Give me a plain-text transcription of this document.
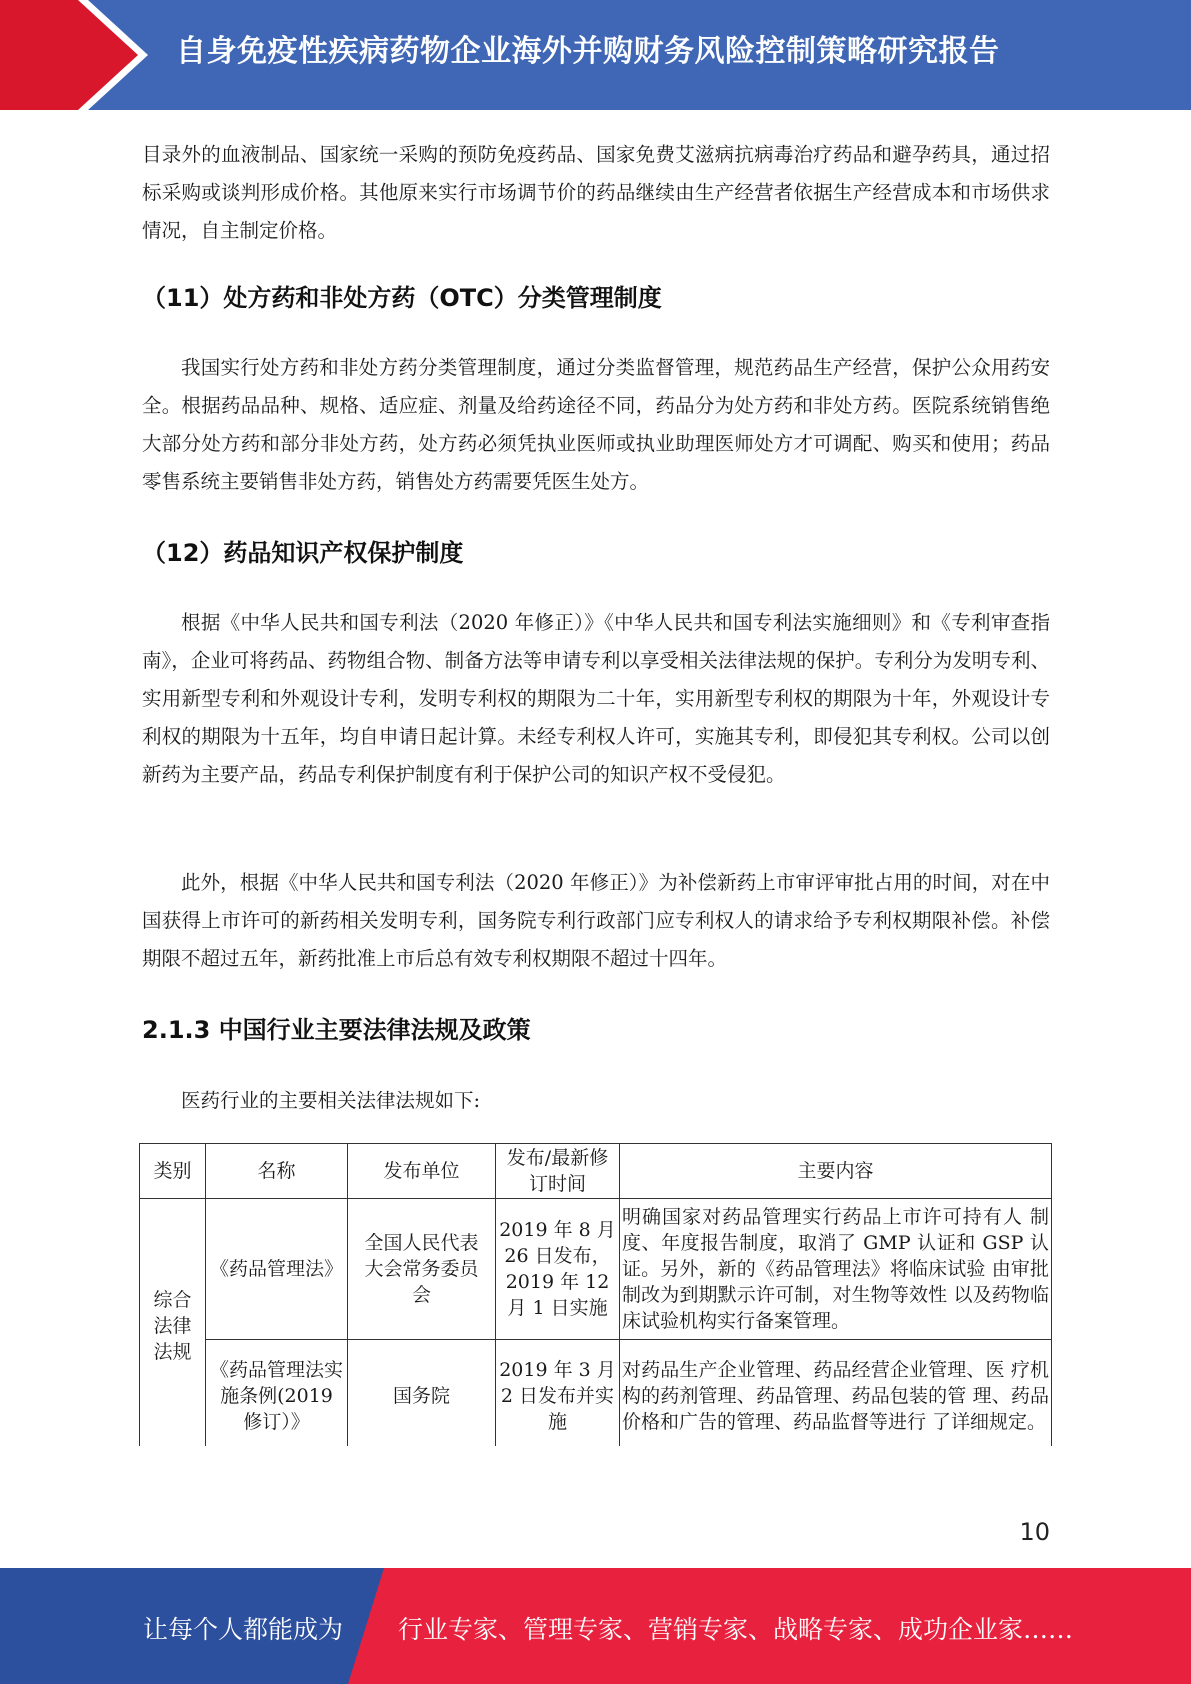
自身免疫性疾病药物企业海外并购财务风险控制策略研究报告

目录外的血液制品、国家统一采购的预防免疫药品、国家免费艾滋病抗病毒治疗药品和避孕药具，通过招标采购或谈判形成价格。其他原来实行市场调节价的药品继续由生产经营者依据生产经营成本和市场供求情况，自主制定价格。

（11）处方药和非处方药（OTC）分类管理制度

我国实行处方药和非处方药分类管理制度，通过分类监督管理，规范药品生产经营，保护公众用药安全。根据药品品种、规格、适应症、剂量及给药途径不同，药品分为处方药和非处方药。医院系统销售绝大部分处方药和部分非处方药，处方药必须凭执业医师或执业助理医师处方才可调配、购买和使用；药品零售系统主要销售非处方药，销售处方药需要凭医生处方。

（12）药品知识产权保护制度

根据《中华人民共和国专利法（2020 年修正）》《中华人民共和国专利法实施细则》和《专利审查指南》，企业可将药品、药物组合物、制备方法等申请专利以享受相关法律法规的保护。专利分为发明专利、实用新型专利和外观设计专利，发明专利权的期限为二十年，实用新型专利权的期限为十年，外观设计专利权的期限为十五年，均自申请日起计算。未经专利权人许可，实施其专利，即侵犯其专利权。公司以创新药为主要产品，药品专利保护制度有利于保护公司的知识产权不受侵犯。

此外，根据《中华人民共和国专利法（2020 年修正）》为补偿新药上市审评审批占用的时间，对在中国获得上市许可的新药相关发明专利，国务院专利行政部门应专利权人的请求给予专利权期限补偿。补偿期限不超过五年，新药批准上市后总有效专利权期限不超过十四年。

2.1.3 中国行业主要法律法规及政策

医药行业的主要相关法律法规如下:

类别	名称	发布单位	发布/最新修订时间	主要内容
综合法律法规	《药品管理法》	全国人民代表大会常务委员会	2019 年 8 月 26 日发布，2019 年 12 月 1 日实施	明确国家对药品管理实行药品上市许可持有人 制度、年度报告制度，取消了 GMP 认证和 GSP 认证。另外，新的《药品管理法》将临床试验 由审批制改为到期默示许可制，对生物等效性 以及药物临床试验机构实行备案管理。
	《药品管理法实施条例(2019 修订）》	国务院	2019 年 3 月 2 日发布并实施	对药品生产企业管理、药品经营企业管理、医 疗机构的药剂管理、药品管理、药品包装的管 理、药品价格和广告的管理、药品监督等进行 了详细规定。
10
让每个人都能成为 行业专家、管理专家、营销专家、战略专家、成功企业家……
